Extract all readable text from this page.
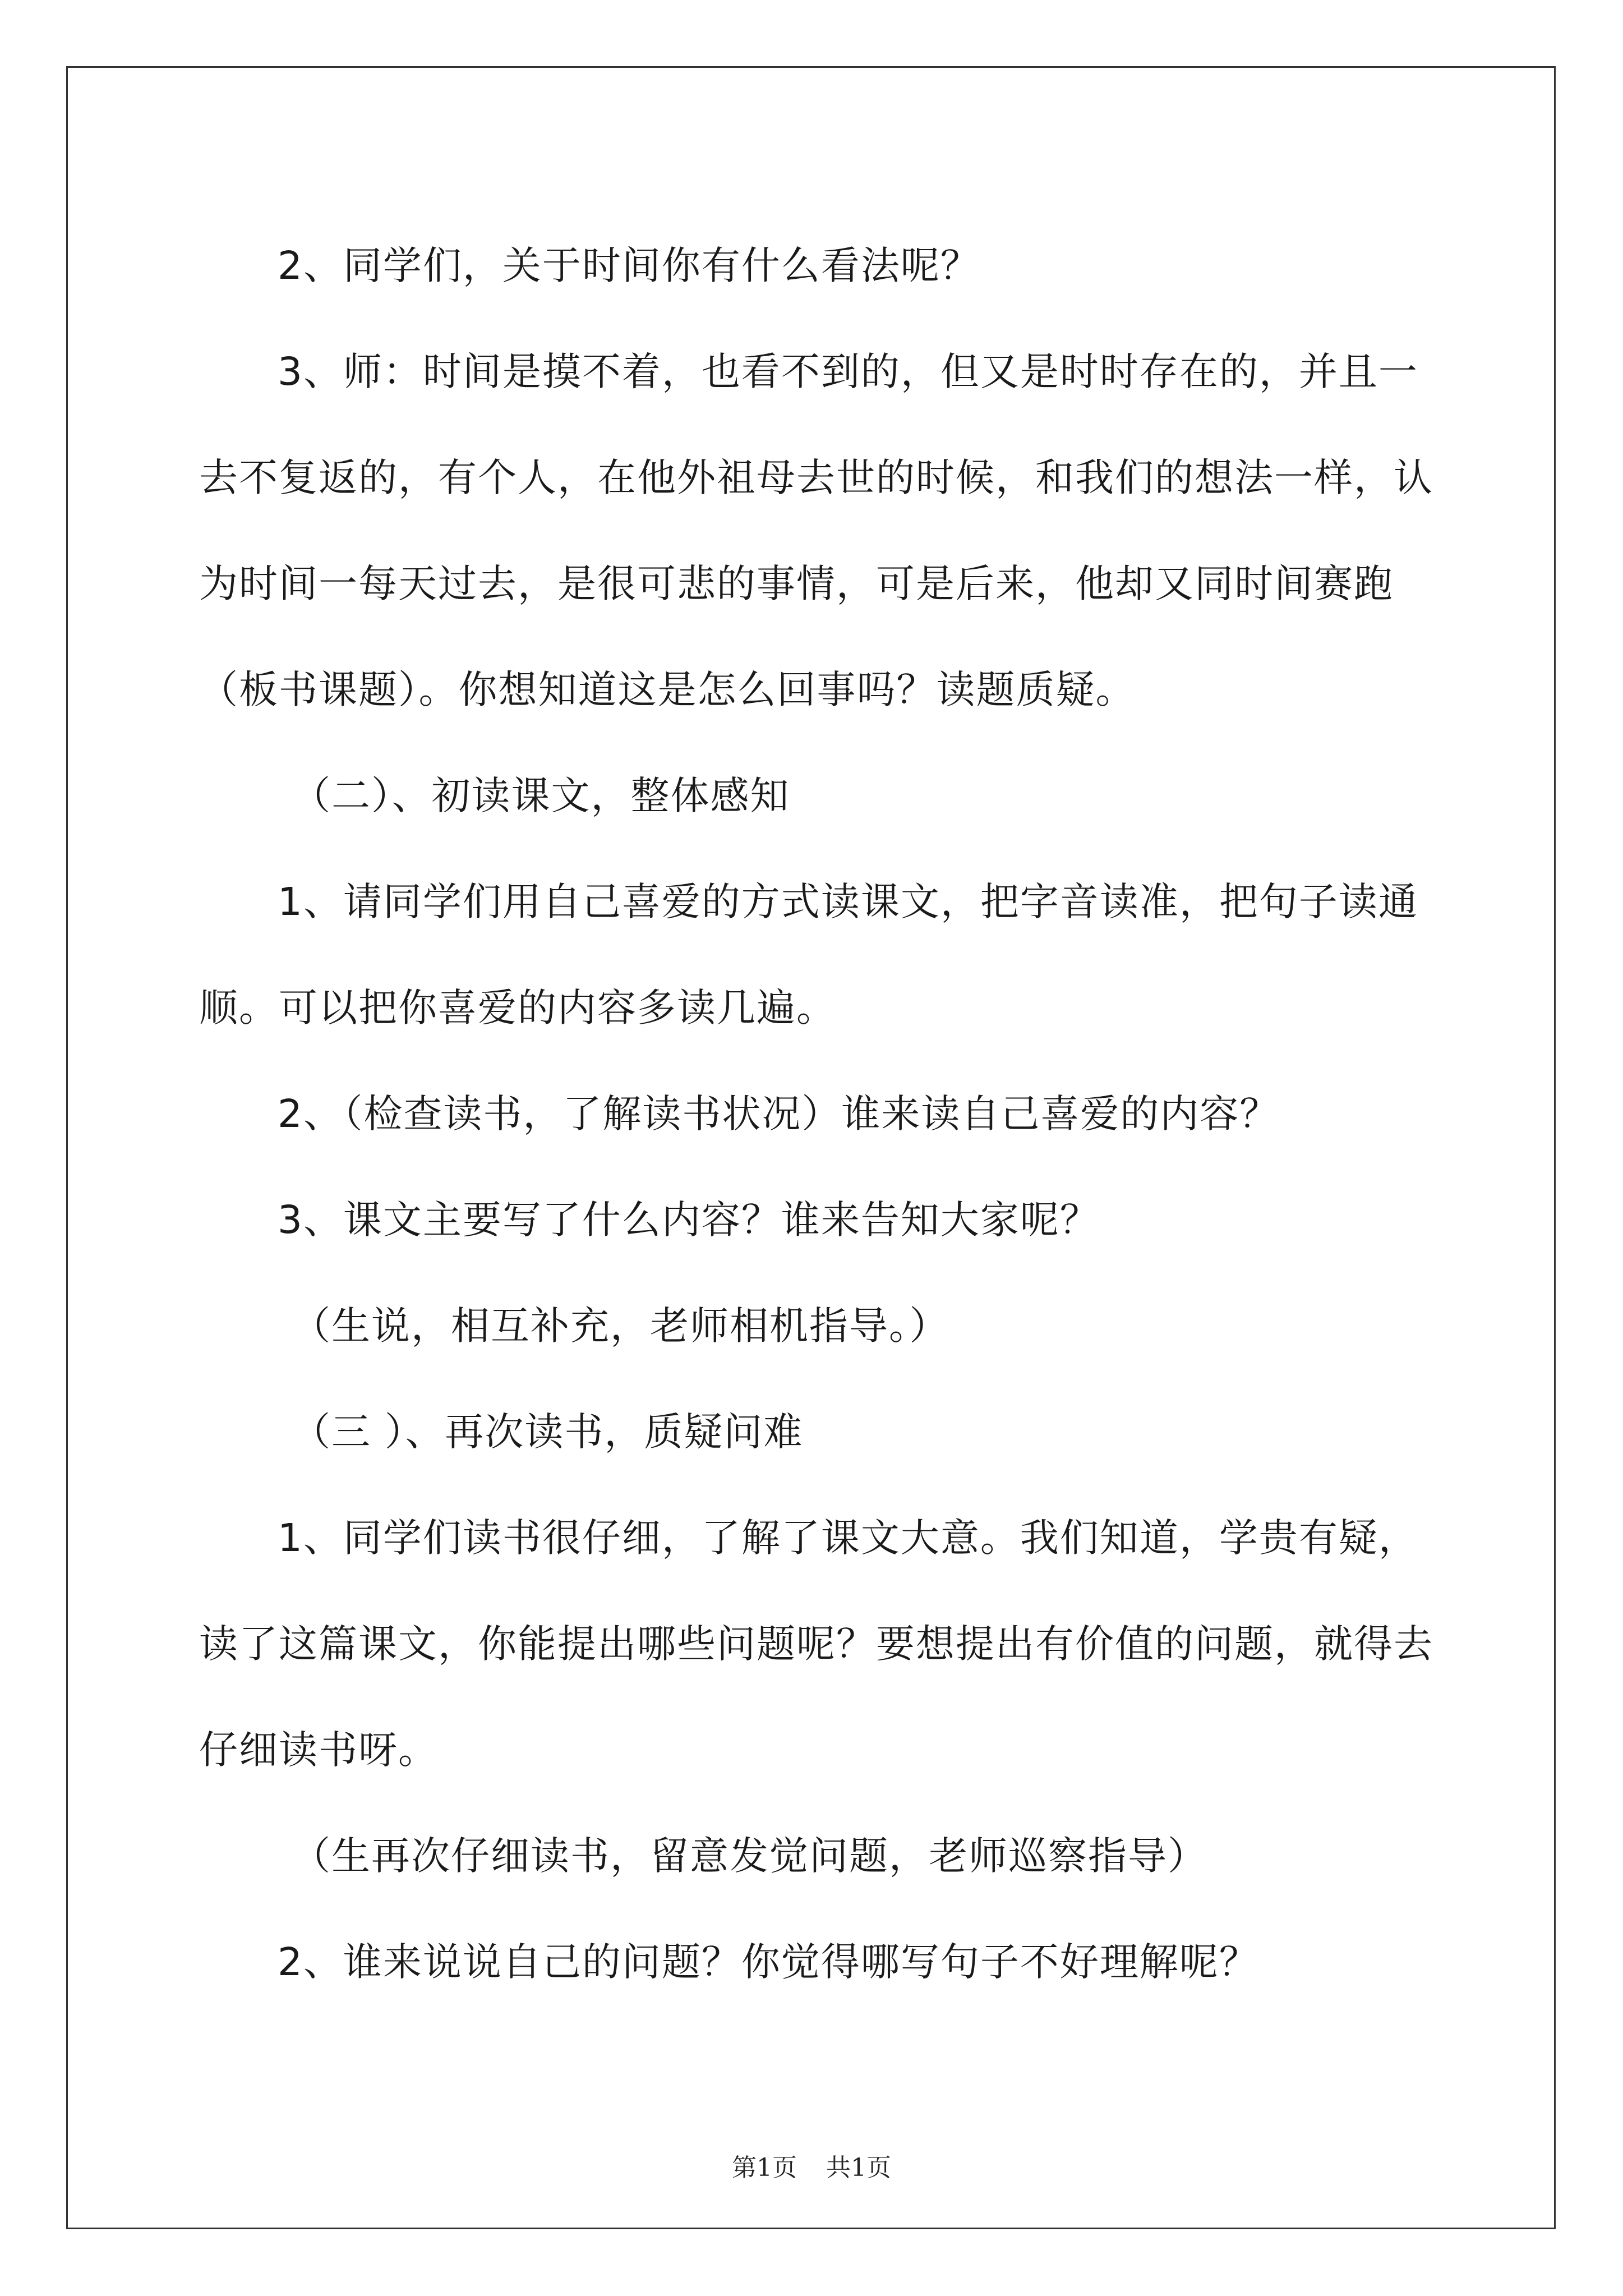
2、同学们，关于时间你有什么看法呢？

3、师：时间是摸不着，也看不到的，但又是时时存在的，并且一去不复返的，有个人，在他外祖母去世的时候，和我们的想法一样，认为时间一每天过去，是很可悲的事情，可是后来，他却又同时间赛跑（板书课题）。你想知道这是怎么回事吗？读题质疑。

（二）、初读课文，整体感知

1、请同学们用自己喜爱的方式读课文，把字音读准，把句子读通顺。可以把你喜爱的内容多读几遍。

2、（检查读书，了解读书状况）谁来读自己喜爱的内容？

3、课文主要写了什么内容？谁来告知大家呢？

（生说，相互补充，老师相机指导。）

（三 ）、再次读书，质疑问难

1、同学们读书很仔细，了解了课文大意。我们知道，学贵有疑，读了这篇课文，你能提出哪些问题呢？要想提出有价值的问题，就得去仔细读书呀。

（生再次仔细读书，留意发觉问题，老师巡察指导）

2、谁来说说自己的问题？你觉得哪写句子不好理解呢？

第1页 共1页
